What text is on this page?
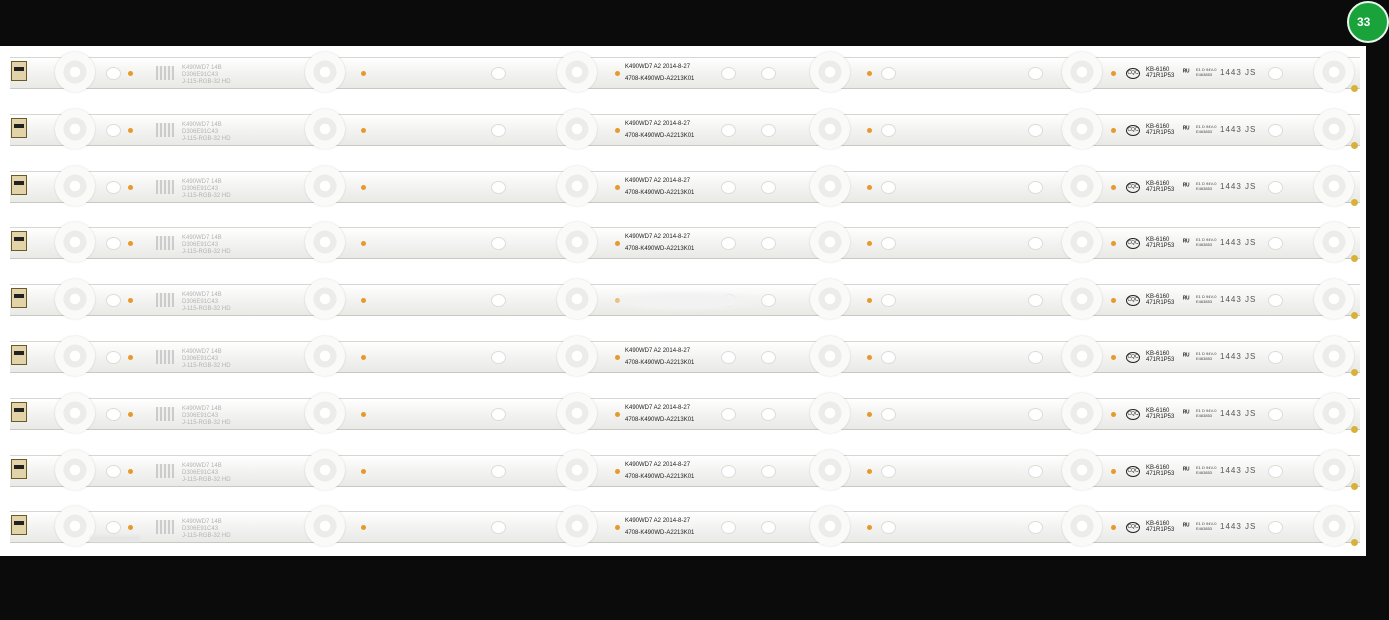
K490WD7 14B
D306E91C43
J-115-RGB-32 HD
K490WD7 A2 2014-8-27
4708-K490WD-A2213K01
CQC KB-6160
471R1P53 ᴿᵁ E1 D 94V-0
E463853 1443 JS
K490WD7 14B
D306E91C43
J-115-RGB-32 HD
K490WD7 A2 2014-8-27
4708-K490WD-A2213K01
CQC KB-6160
471R1P53 ᴿᵁ E1 D 94V-0
E463853 1443 JS
K490WD7 14B
D306E91C43
J-115-RGB-32 HD
K490WD7 A2 2014-8-27
4708-K490WD-A2213K01
CQC KB-6160
471R1P53 ᴿᵁ E1 D 94V-0
E463853 1443 JS
K490WD7 14B
D306E91C43
J-115-RGB-32 HD
K490WD7 A2 2014-8-27
4708-K490WD-A2213K01
CQC KB-6160
471R1P53 ᴿᵁ E1 D 94V-0
E463853 1443 JS
K490WD7 14B
D306E91C43
J-115-RGB-32 HD
CQC KB-6160
471R1P53 ᴿᵁ E1 D 94V-0
E463853 1443 JS
K490WD7 14B
D306E91C43
J-115-RGB-32 HD
K490WD7 A2 2014-8-27
4708-K490WD-A2213K01
CQC KB-6160
471R1P53 ᴿᵁ E1 D 94V-0
E463853 1443 JS
K490WD7 14B
D306E91C43
J-115-RGB-32 HD
K490WD7 A2 2014-8-27
4708-K490WD-A2213K01
CQC KB-6160
471R1P53 ᴿᵁ E1 D 94V-0
E463853 1443 JS
K490WD7 14B
D306E91C43
J-115-RGB-32 HD
K490WD7 A2 2014-8-27
4708-K490WD-A2213K01
CQC KB-6160
471R1P53 ᴿᵁ E1 D 94V-0
E463853 1443 JS
K490WD7 14B
D306E91C43
J-115-RGB-32 HD
K490WD7 A2 2014-8-27
4708-K490WD-A2213K01
CQC KB-6160
471R1P53 ᴿᵁ E1 D 94V-0
E463853 1443 JS
33
